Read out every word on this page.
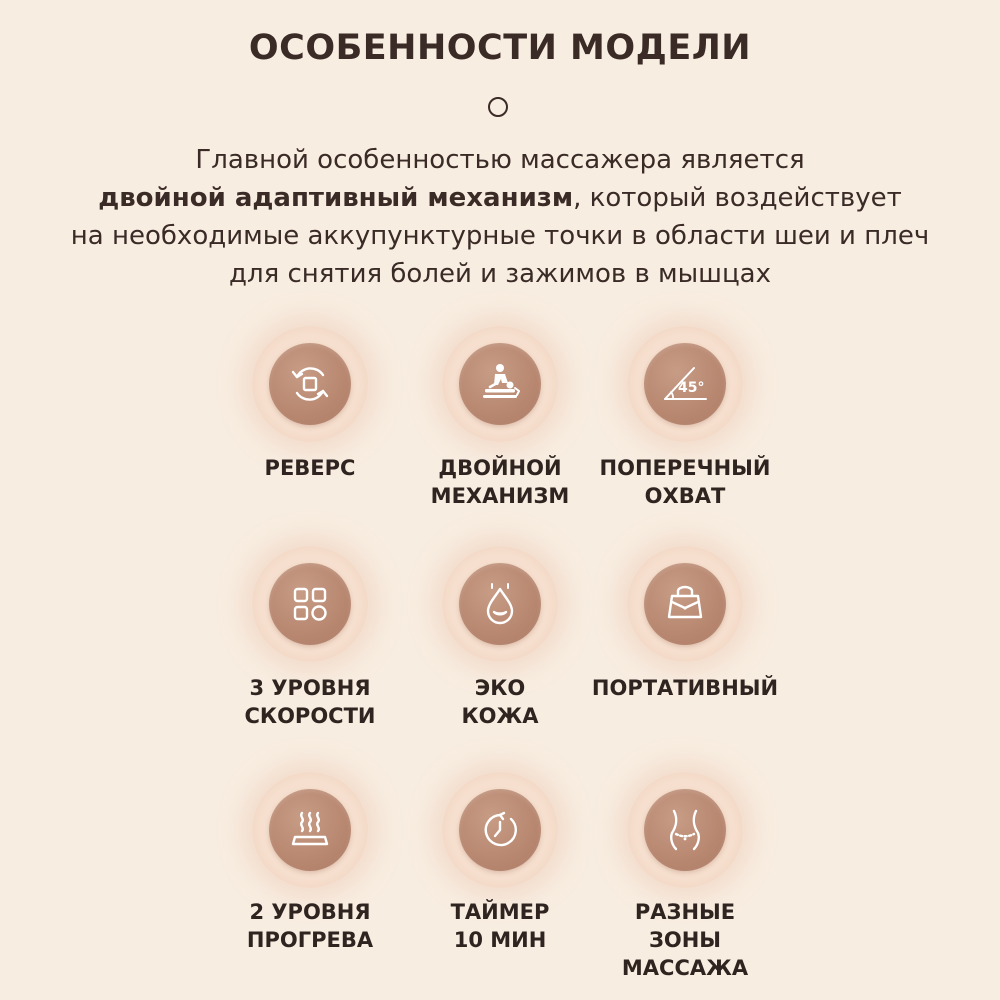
ОСОБЕННОСТИ МОДЕЛИ

Главной особенностью массажера является
двойной адаптивный механизм, который воздействует
на необходимые аккупунктурные точки в области шеи и плеч
для снятия болей и зажимов в мышцах

РЕВЕРС	ДВОЙНОЙ
МЕХАНИЗМ

45°

ПОПЕРЕЧНЫЙ
ОХВАТ

3 УРОВНЯ
СКОРОСТИ

ЭКО
КОЖА

ПОРТАТИВНЫЙ

2 УРОВНЯ
ПРОГРЕВА

ТАЙМЕР
10 МИН

РАЗНЫЕ
ЗОНЫ МАССАЖА
